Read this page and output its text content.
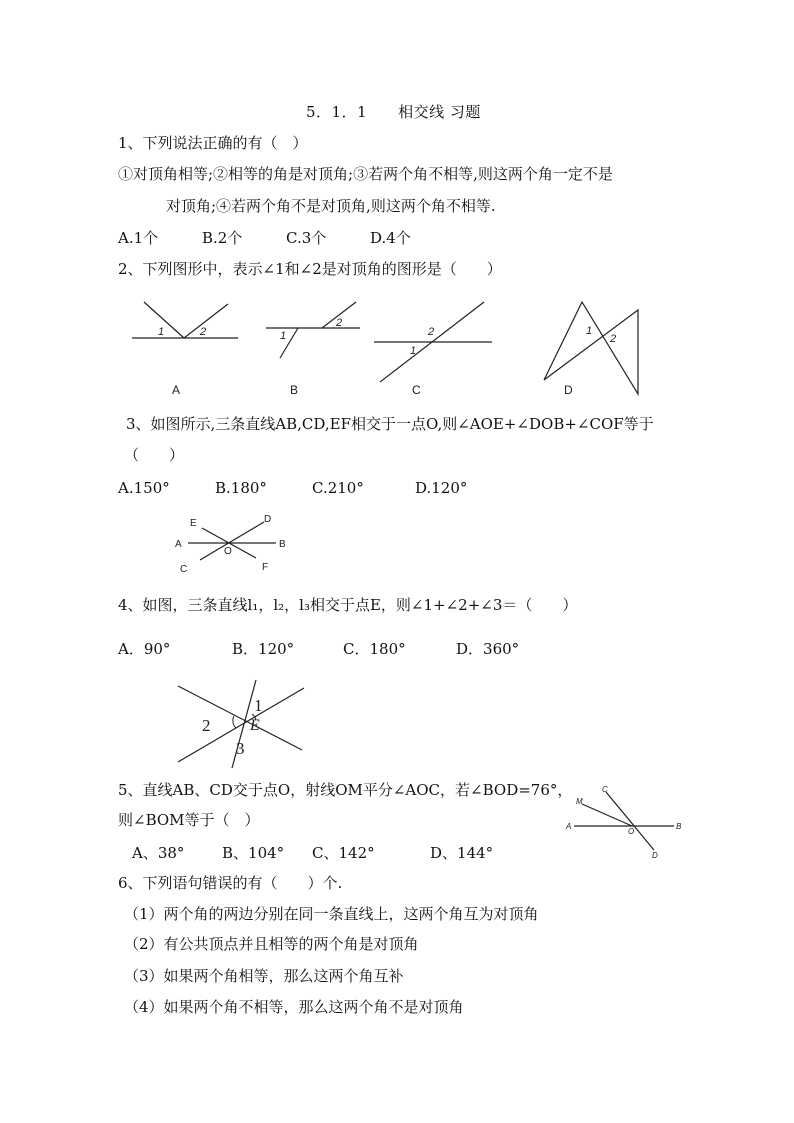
5．1．1　　相交线 习题
1、下列说法正确的有（　）
①对顶角相等;②相等的角是对顶角;③若两个角不相等,则这两个角一定不是
对顶角;④若两个角不是对顶角,则这两个角不相等.
A.1个	B.2个	C.3个	D.4个
2、下列图形中，表示∠1和∠2是对顶角的图形是（　　）
1	2
A
1
2
B
2
1
C
1
2
D
3、如图所示,三条直线AB,CD,EF相交于一点O,则∠AOE+∠DOB+∠COF等于
（　　）
A.150°	B.180°	C.210°	D.120°
E	D
A
O
B
C	F
4、如图，三条直线l₁，l₂，l₃相交于点E，则∠1+∠2+∠3＝（　　）
A．90°	B．120°	C．180°	D．360°
1
2 E
3
5、直线AB、CD交于点O，射线OM平分∠AOC，若∠BOD=76°，
则∠BOM等于（　）
A、38°	B、104° C、142°	D、144°
C
M
A
O
B
D
6、下列语句错误的有（　　）个.
（1）两个角的两边分别在同一条直线上，这两个角互为对顶角
（2）有公共顶点并且相等的两个角是对顶角
（3）如果两个角相等，那么这两个角互补
（4）如果两个角不相等，那么这两个角不是对顶角
